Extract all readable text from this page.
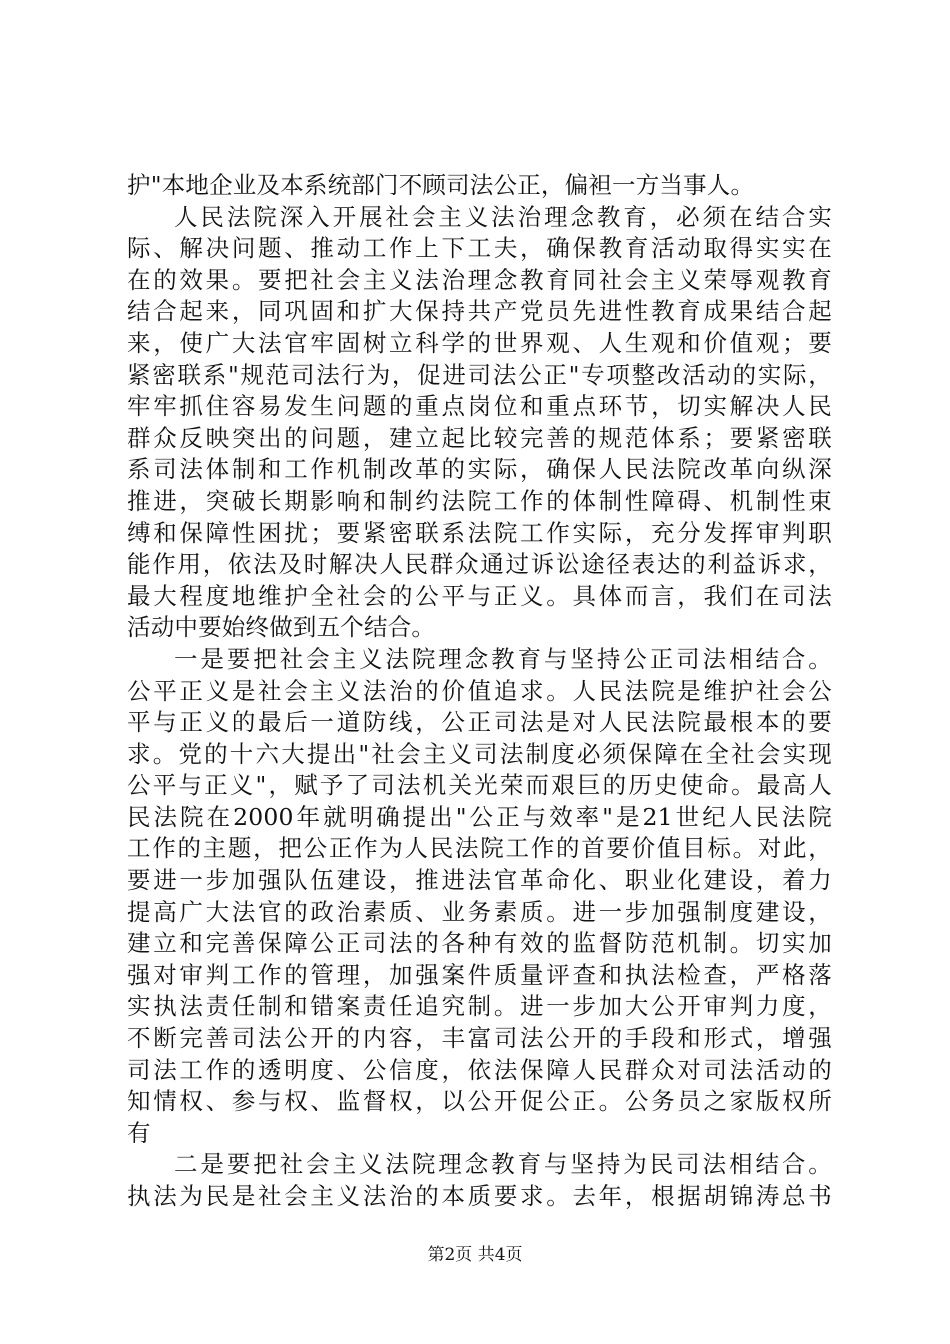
护"本地企业及本系统部门不顾司法公正，偏袒一方当事人。
人民法院深入开展社会主义法治理念教育，必须在结合实
际、解决问题、推动工作上下工夫，确保教育活动取得实实在
在的效果。要把社会主义法治理念教育同社会主义荣辱观教育
结合起来，同巩固和扩大保持共产党员先进性教育成果结合起
来，使广大法官牢固树立科学的世界观、人生观和价值观；要
紧密联系"规范司法行为，促进司法公正"专项整改活动的实际，
牢牢抓住容易发生问题的重点岗位和重点环节，切实解决人民
群众反映突出的问题，建立起比较完善的规范体系；要紧密联
系司法体制和工作机制改革的实际，确保人民法院改革向纵深
推进，突破长期影响和制约法院工作的体制性障碍、机制性束
缚和保障性困扰；要紧密联系法院工作实际，充分发挥审判职
能作用，依法及时解决人民群众通过诉讼途径表达的利益诉求，
最大程度地维护全社会的公平与正义。具体而言，我们在司法
活动中要始终做到五个结合。
一是要把社会主义法院理念教育与坚持公正司法相结合。
公平正义是社会主义法治的价值追求。人民法院是维护社会公
平与正义的最后一道防线，公正司法是对人民法院最根本的要
求。党的十六大提出"社会主义司法制度必须保障在全社会实现
公平与正义"，赋予了司法机关光荣而艰巨的历史使命。最高人
民法院在2000年就明确提出"公正与效率"是21世纪人民法院
工作的主题，把公正作为人民法院工作的首要价值目标。对此，
要进一步加强队伍建设，推进法官革命化、职业化建设，着力
提高广大法官的政治素质、业务素质。进一步加强制度建设，
建立和完善保障公正司法的各种有效的监督防范机制。切实加
强对审判工作的管理，加强案件质量评查和执法检查，严格落
实执法责任制和错案责任追究制。进一步加大公开审判力度，
不断完善司法公开的内容，丰富司法公开的手段和形式，增强
司法工作的透明度、公信度，依法保障人民群众对司法活动的
知情权、参与权、监督权，以公开促公正。公务员之家版权所
有
二是要把社会主义法院理念教育与坚持为民司法相结合。
执法为民是社会主义法治的本质要求。去年，根据胡锦涛总书
第2页 共4页
